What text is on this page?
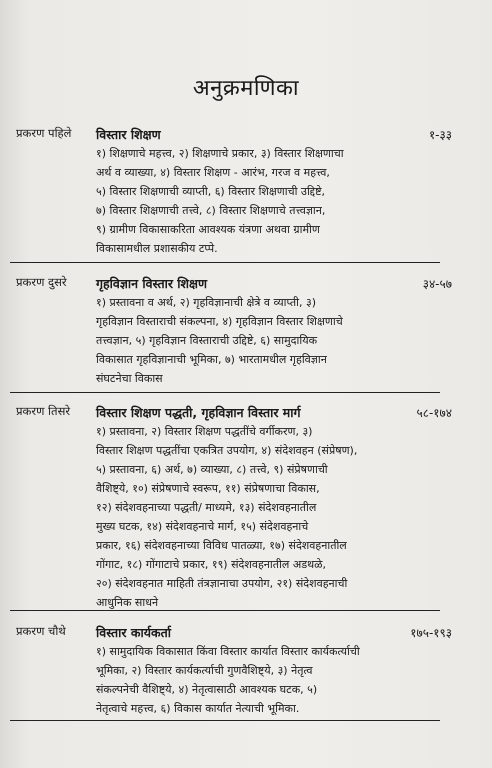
अनुक्रमणिका
प्रकरण पहिले विस्तार शिक्षण	१-३३
१) शिक्षणाचे महत्त्व, २) शिक्षणाचे प्रकार, ३) विस्तार शिक्षणाचा
अर्थ व व्याख्या, ४) विस्तार शिक्षण - आरंभ, गरज व महत्त्व,
५) विस्तार शिक्षणाची व्याप्ती, ६) विस्तार शिक्षणाची उद्दिष्टे,
७) विस्तार शिक्षणाची तत्त्वे, ८) विस्तार शिक्षणाचे तत्त्वज्ञान,
९) ग्रामीण विकासाकरिता आवश्यक यंत्रणा अथवा ग्रामीण
विकासामधील प्रशासकीय टप्पे.
प्रकरण दुसरे गृहविज्ञान विस्तार शिक्षण	३४-५७
१) प्रस्तावना व अर्थ, २) गृहविज्ञानाची क्षेत्रे व व्याप्ती, ३)
गृहविज्ञान विस्ताराची संकल्पना, ४) गृहविज्ञान विस्तार शिक्षणाचे
तत्त्वज्ञान, ५) गृहविज्ञान विस्ताराची उद्दिष्टे, ६) सामुदायिक
विकासात गृहविज्ञानाची भूमिका, ७) भारतामधील गृहविज्ञान
संघटनेचा विकास
प्रकरण तिसरे विस्तार शिक्षण पद्धती, गृहविज्ञान विस्तार मार्ग	५८-१७४
१) प्रस्तावना, २) विस्तार शिक्षण पद्धतींचे वर्गीकरण, ३)
विस्तार शिक्षण पद्धतींचा एकत्रित उपयोग, ४) संदेशवहन (संप्रेषण),
५) प्रस्तावना, ६) अर्थ, ७) व्याख्या, ८) तत्त्वे, ९) संप्रेषणाची
वैशिष्ट्ये, १०) संप्रेषणाचे स्वरूप, ११) संप्रेषणाचा विकास,
१२) संदेशवहनाच्या पद्धती/ माध्यमे, १३) संदेशवहनातील
मुख्य घटक, १४) संदेशवहनाचे मार्ग, १५) संदेशवहनाचे
प्रकार, १६) संदेशवहनाच्या विविध पातळ्या, १७) संदेशवहनातील
गोंगाट, १८) गोंगाटाचे प्रकार, १९) संदेशवहनातील अडथळे,
२०) संदेशवहनात माहिती तंत्रज्ञानाचा उपयोग, २१) संदेशवहनाची
आधुनिक साधने
प्रकरण चौथे विस्तार कार्यकर्ता	१७५-१९३
१) सामुदायिक विकासात किंवा विस्तार कार्यात विस्तार कार्यकर्त्याची
भूमिका, २) विस्तार कार्यकर्त्याची गुणवैशिष्ट्ये, ३) नेतृत्व
संकल्पनेची वैशिष्ट्ये, ४) नेतृत्वासाठी आवश्यक घटक, ५)
नेतृत्वाचे महत्त्व, ६) विकास कार्यात नेत्याची भूमिका.
